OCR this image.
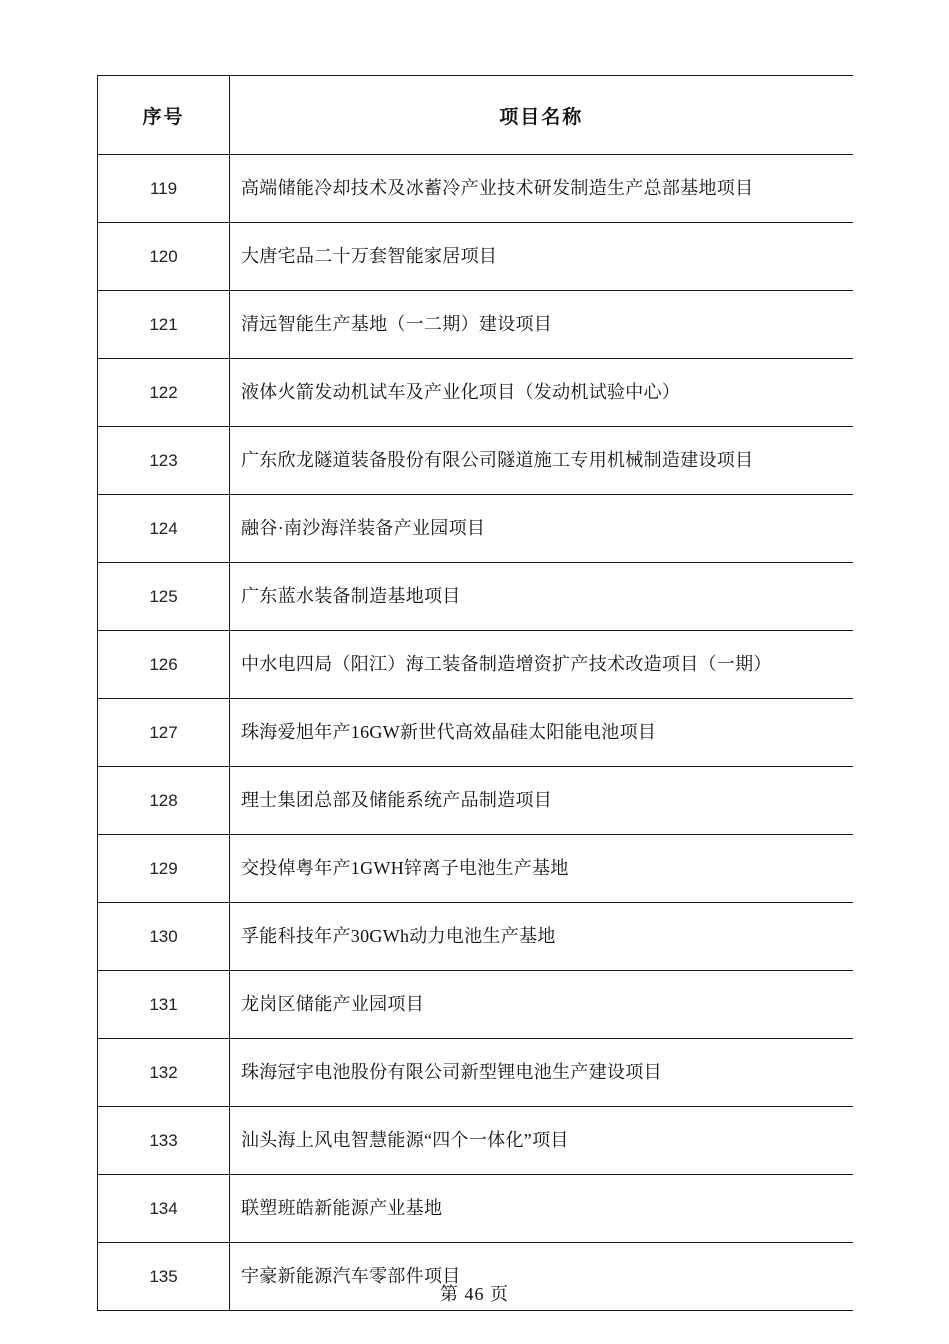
序号	项目名称

119	高端储能冷却技术及冰蓄冷产业技术研发制造生产总部基地项目

120	大唐宅品二十万套智能家居项目

121	清远智能生产基地（一二期）建设项目

122	液体火箭发动机试车及产业化项目（发动机试验中心）

123	广东欣龙隧道装备股份有限公司隧道施工专用机械制造建设项目

124	融谷·南沙海洋装备产业园项目

125	广东蓝水装备制造基地项目

126	中水电四局（阳江）海工装备制造增资扩产技术改造项目（一期）

127	珠海爱旭年产16GW新世代高效晶硅太阳能电池项目

128	理士集团总部及储能系统产品制造项目

129	交投倬粤年产1GWH锌离子电池生产基地

130	孚能科技年产30GWh动力电池生产基地

131	龙岗区储能产业园项目

132	珠海冠宇电池股份有限公司新型锂电池生产建设项目

133	汕头海上风电智慧能源“四个一体化”项目

134	联塑班皓新能源产业基地

135	宇豪新能源汽车零部件项目
第 46 页
